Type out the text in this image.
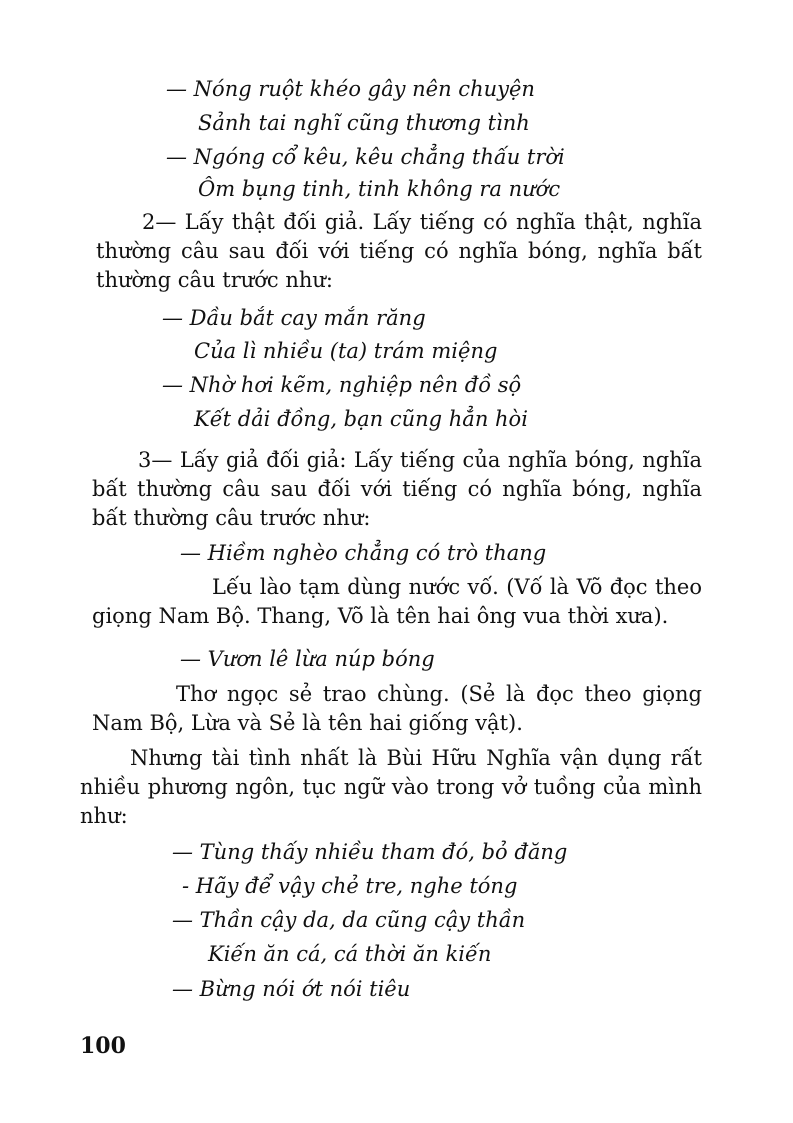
— Nóng ruột khéo gây nên chuyện
Sảnh tai nghĩ cũng thương tình
— Ngóng cổ kêu, kêu chẳng thấu trời
Ôm bụng tinh, tinh không ra nước
2— Lấy thật đối giả. Lấy tiếng có nghĩa thật, nghĩa thường câu sau đối với tiếng có nghĩa bóng, nghĩa bất thường câu trước như:
— Dầu bắt cay mắn răng
Của lì nhiều (ta) trám miệng
— Nhờ hơi kẽm, nghiệp nên đồ sộ
Kết dải đồng, bạn cũng hẳn hòi
3— Lấy giả đối giả: Lấy tiếng của nghĩa bóng, nghĩa bất thường câu sau đối với tiếng có nghĩa bóng, nghĩa bất thường câu trước như:
— Hiềm nghèo chẳng có trò thang
Lếu lào tạm dùng nước vố. (Vố là Võ đọc theo giọng Nam Bộ. Thang, Võ là tên hai ông vua thời xưa).
— Vươn lê lừa núp bóng
Thơ ngọc sẻ trao chùng. (Sẻ là đọc theo giọng Nam Bộ, Lừa và Sẻ là tên hai giống vật).
Nhưng tài tình nhất là Bùi Hữu Nghĩa vận dụng rất nhiều phương ngôn, tục ngữ vào trong vở tuồng của mình như:
— Tùng thấy nhiều tham đó, bỏ đăng
- Hãy để vậy chẻ tre, nghe tóng
— Thần cậy da, da cũng cậy thần
Kiến ăn cá, cá thời ăn kiến
— Bừng nói ớt nói tiêu
100
